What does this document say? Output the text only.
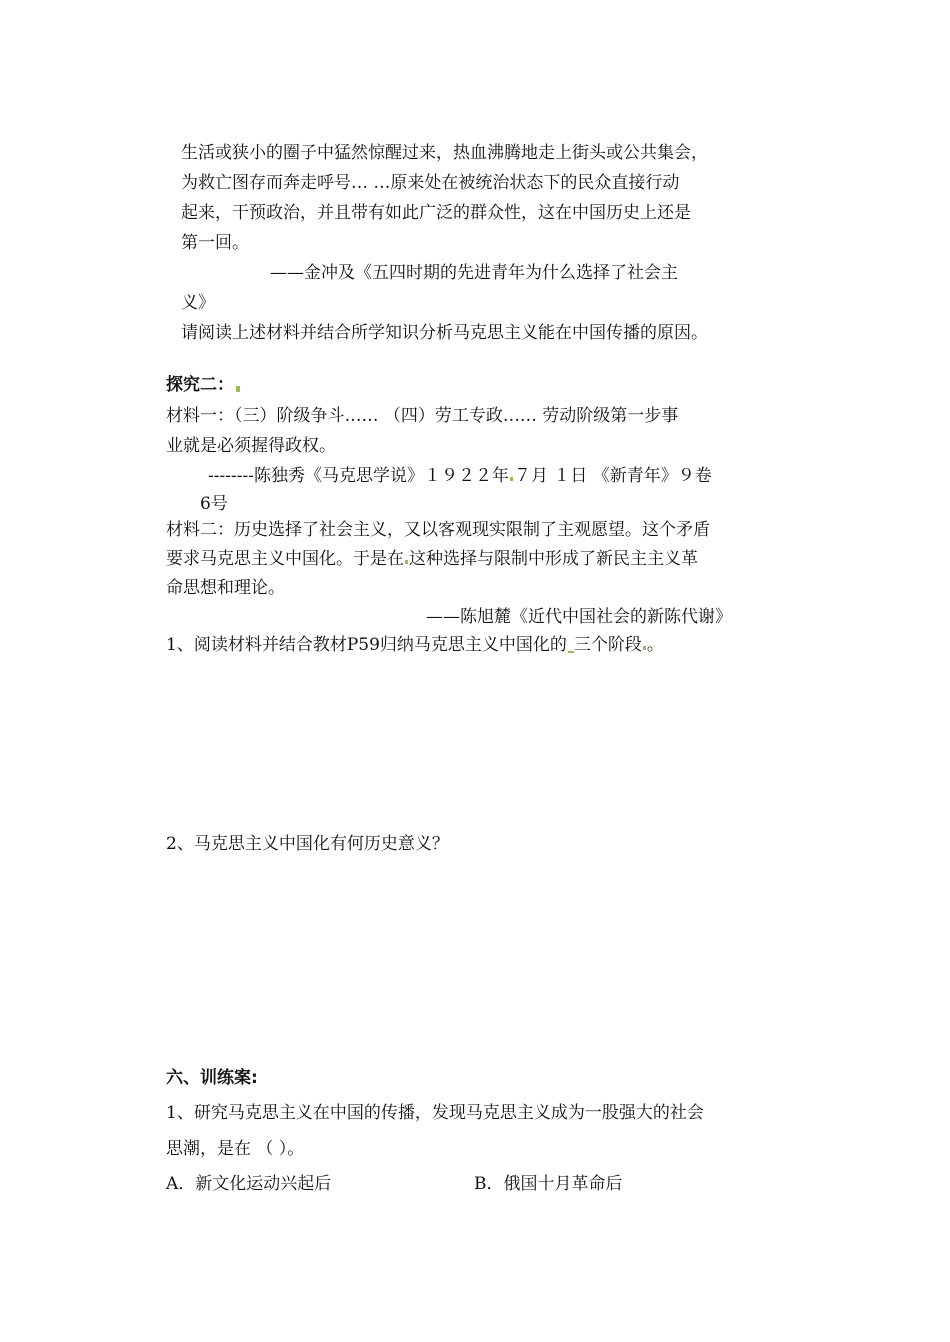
生活或狭小的圈子中猛然惊醒过来，热血沸腾地走上街头或公共集会，
为救亡图存而奔走呼号… …原来处在被统治状态下的民众直接行动
起来，干预政治，并且带有如此广泛的群众性，这在中国历史上还是
第一回。
——金冲及《五四时期的先进青年为什么选择了社会主
义》
请阅读上述材料并结合所学知识分析马克思主义能在中国传播的原因。
探究二：
材料一：（三）阶级争斗…… （四）劳工专政…… 劳动阶级第一步事
业就是必须握得政权。
--------陈独秀《马克思学说》１９２２年 ７月 １日 《新青年》９卷
6号
材料二：历史选择了社会主义，又以客观现实限制了主观愿望。这个矛盾
要求马克思主义中国化。于是在 这种选择与限制中形成了新民主主义革
命思想和理论。
——陈旭麓《近代中国社会的新陈代谢》
1、阅读材料并结合教材P59归纳马克思主义中国化的 三个阶段 。
2、马克思主义中国化有何历史意义？
六、训练案:
1、研究马克思主义在中国的传播，发现马克思主义成为一股强大的社会
思潮，是在 （ ）。
A．新文化运动兴起后	B．俄国十月革命后
